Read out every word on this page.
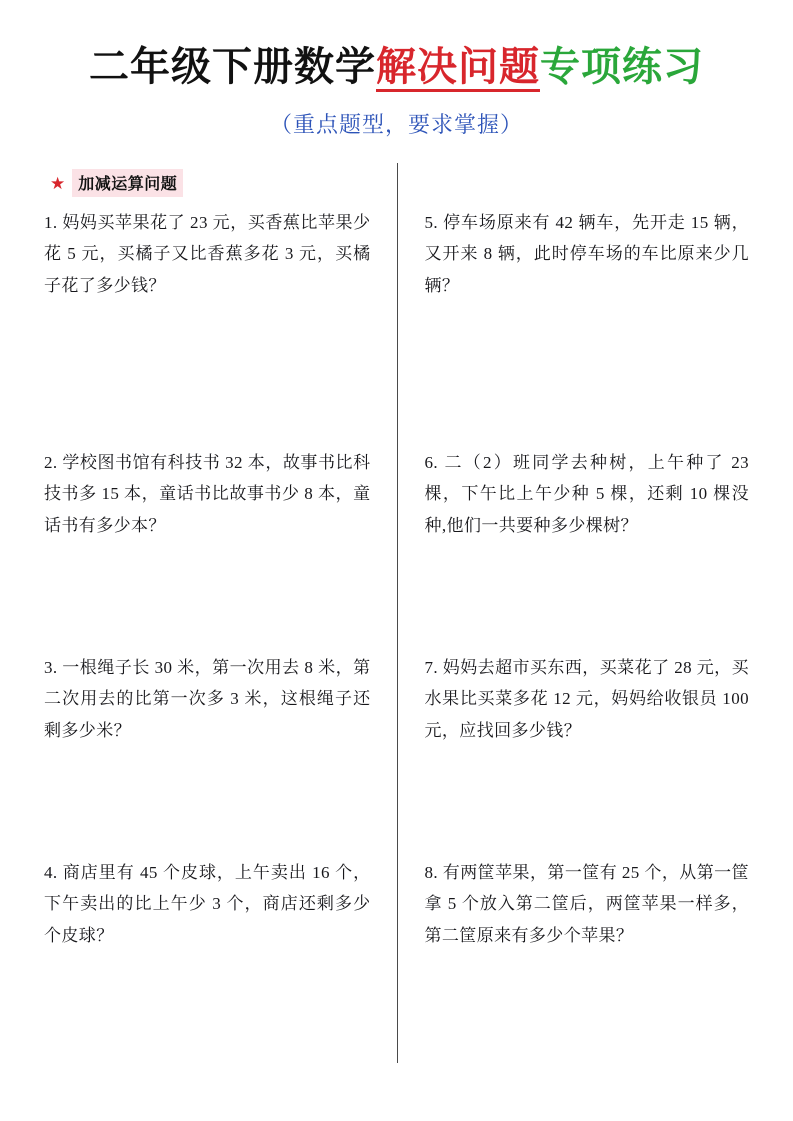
二年级下册数学 解决问题 专项练习
（重点题型，要求掌握）
★ 加减运算问题
1. 妈妈买苹果花了 23 元，买香蕉比苹果少花 5 元，买橘子又比香蕉多花 3 元，买橘子花了多少钱？
2. 学校图书馆有科技书 32 本，故事书比科技书多 15 本，童话书比故事书少 8 本，童话书有多少本？
3. 一根绳子长 30 米，第一次用去 8 米，第二次用去的比第一次多 3 米，这根绳子还剩多少米？
4. 商店里有 45 个皮球，上午卖出 16 个，下午卖出的比上午少 3 个，商店还剩多少个皮球？
5. 停车场原来有 42 辆车，先开走 15 辆，又开来 8 辆，此时停车场的车比原来少几辆？
6. 二（2）班同学去种树，上午种了 23 棵，下午比上午少种 5 棵，还剩 10 棵没种,他们一共要种多少棵树？
7. 妈妈去超市买东西，买菜花了 28 元，买水果比买菜多花 12 元，妈妈给收银员 100 元，应找回多少钱？
8. 有两筐苹果，第一筐有 25 个，从第一筐拿 5 个放入第二筐后，两筐苹果一样多，第二筐原来有多少个苹果？
